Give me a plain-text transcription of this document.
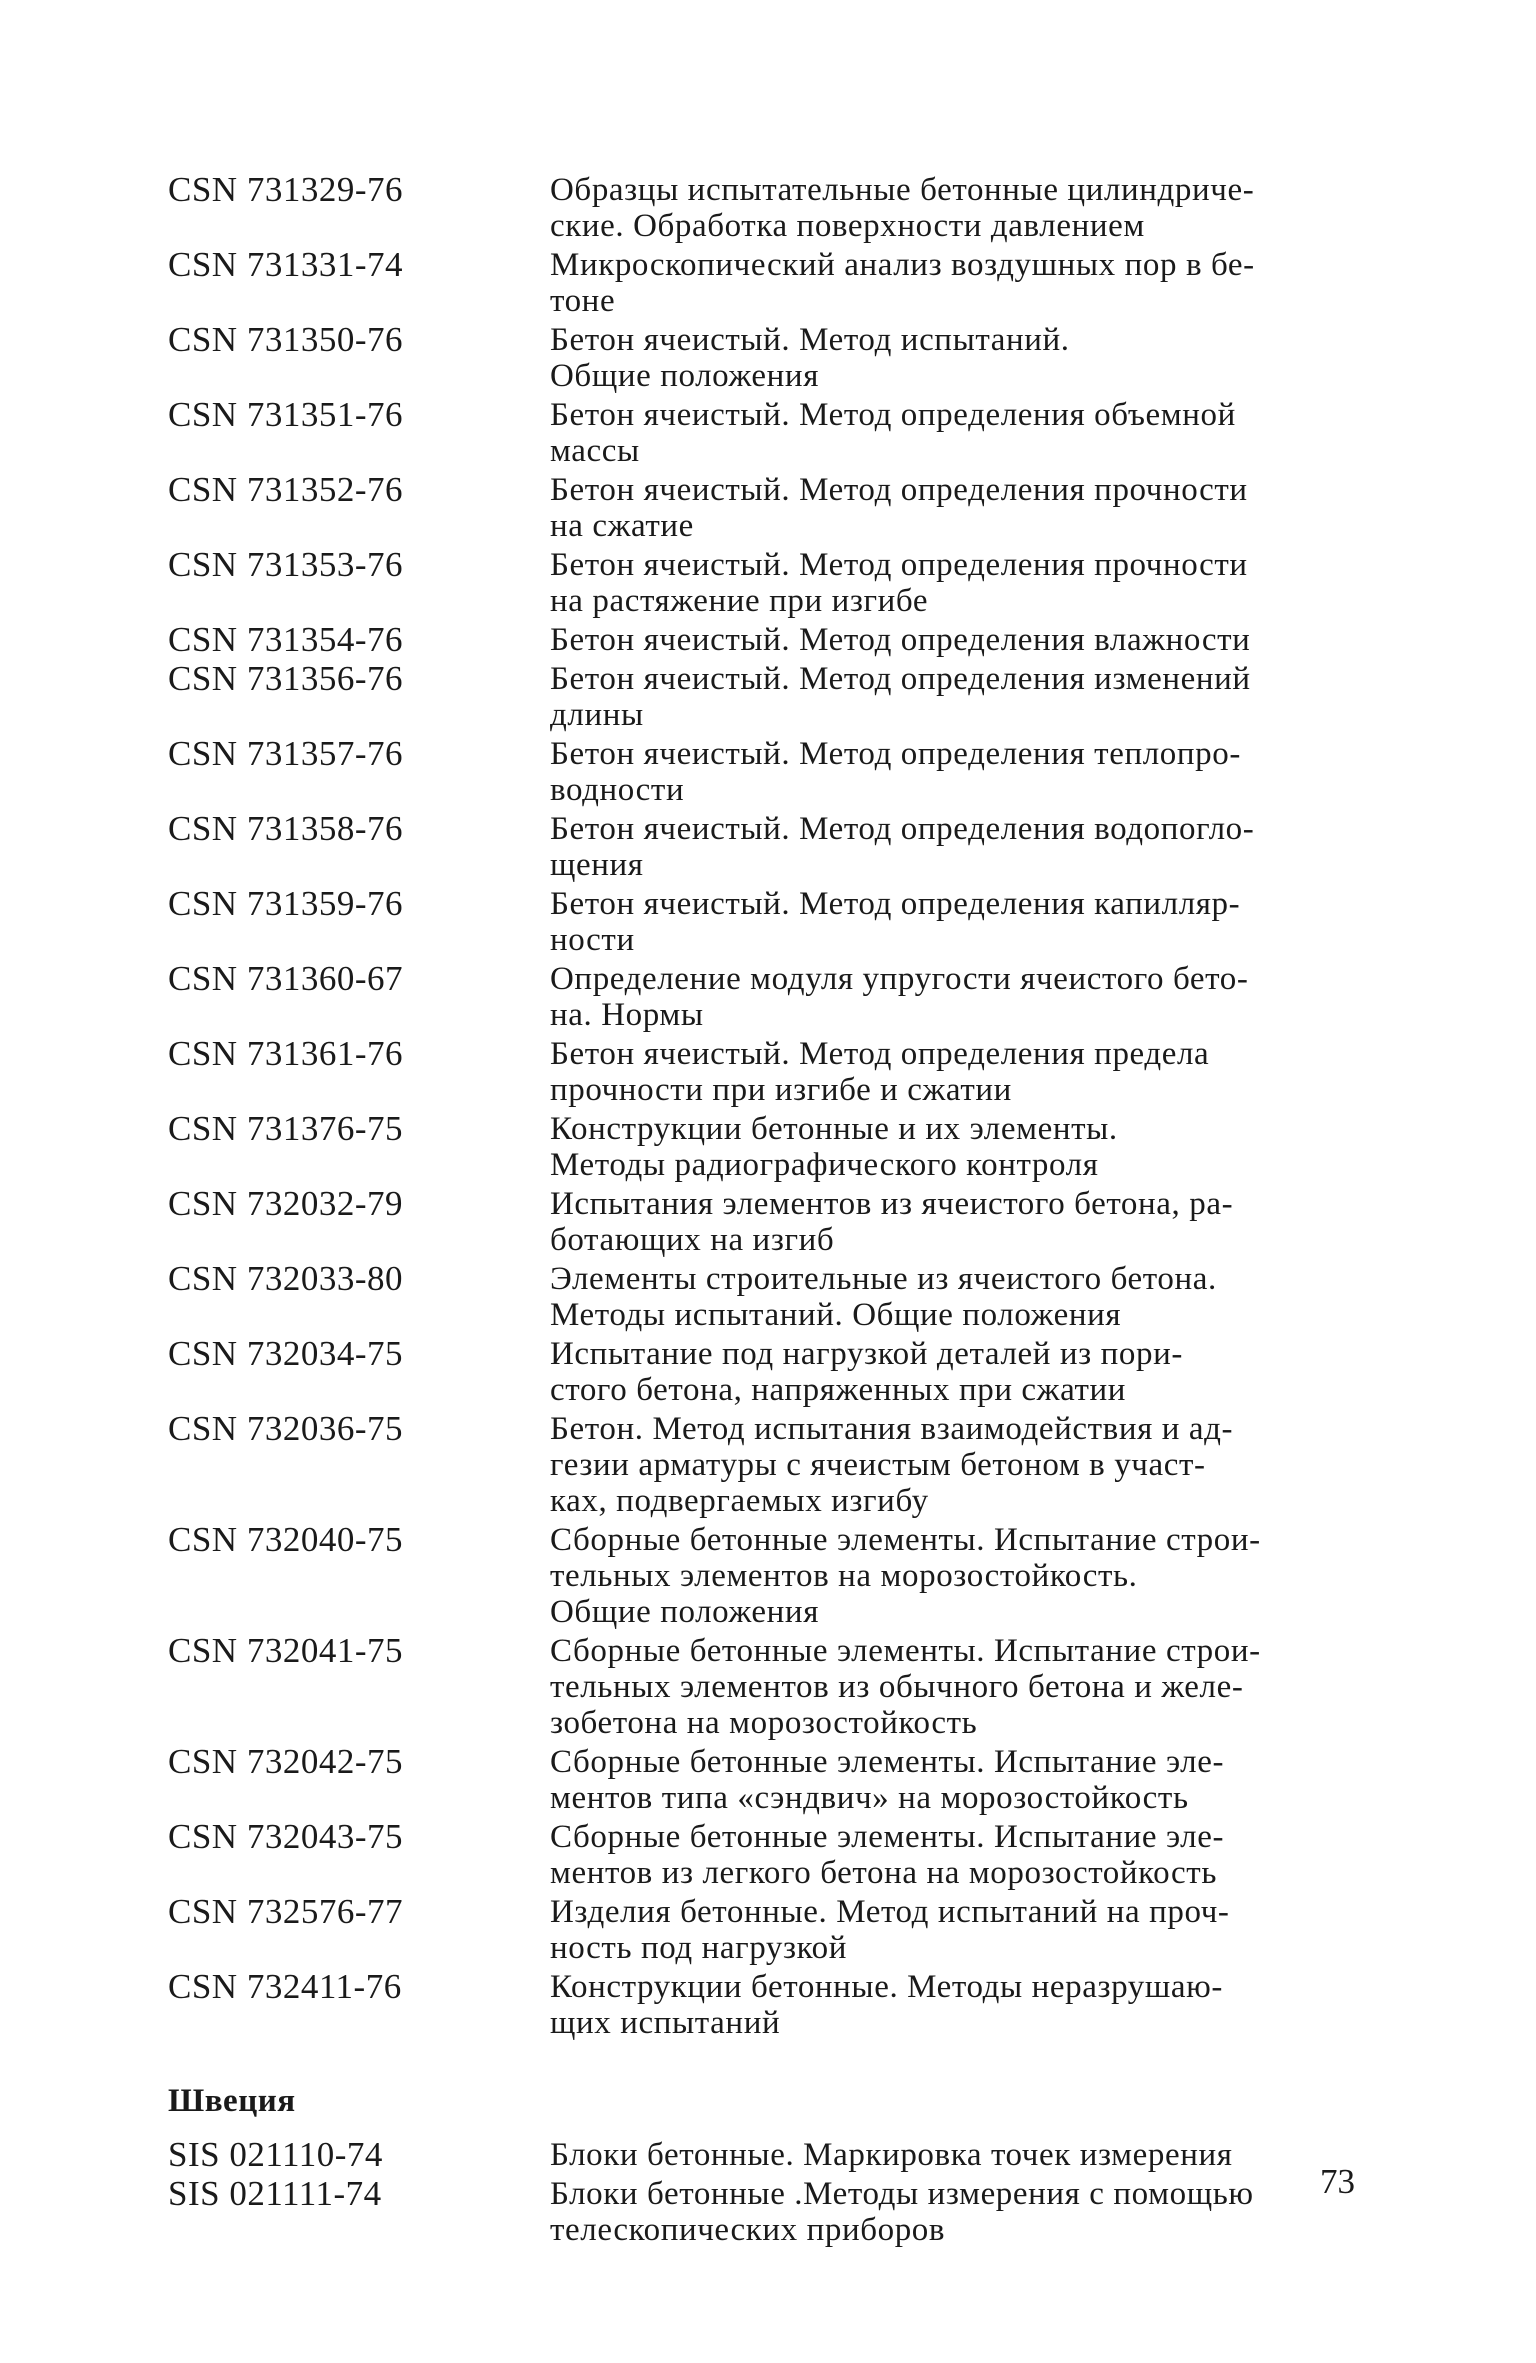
CSN 731329-76	Образцы испытательные бетонные цилиндриче-
ские. Обработка поверхности давлением
CSN 731331-74	Микроскопический анализ воздушных пор в бе-
тоне
CSN 731350-76	Бетон ячеистый. Метод испытаний.
Общие положения
CSN 731351-76	Бетон ячеистый. Метод определения объемной
массы
CSN 731352-76	Бетон ячеистый. Метод определения прочности
на сжатие
CSN 731353-76	Бетон ячеистый. Метод определения прочности
на растяжение при изгибе
CSN 731354-76	Бетон ячеистый. Метод определения влажности
CSN 731356-76	Бетон ячеистый. Метод определения изменений
длины
CSN 731357-76	Бетон ячеистый. Метод определения теплопро-
водности
CSN 731358-76	Бетон ячеистый. Метод определения водопогло-
щения
CSN 731359-76	Бетон ячеистый. Метод определения капилляр-
ности
CSN 731360-67	Определение модуля упругости ячеистого бето-
на. Нормы
CSN 731361-76	Бетон ячеистый. Метод определения предела
прочности при изгибе и сжатии
CSN 731376-75	Конструкции бетонные и их элементы.
Методы радиографического контроля
CSN 732032-79	Испытания элементов из ячеистого бетона, ра-
ботающих на изгиб
CSN 732033-80	Элементы строительные из ячеистого бетона.
Методы испытаний. Общие положения
CSN 732034-75	Испытание под нагрузкой деталей из пори-
стого бетона, напряженных при сжатии
CSN 732036-75	Бетон. Метод испытания взаимодействия и ад-
гезии арматуры с ячеистым бетоном в участ-
ках, подвергаемых изгибу
CSN 732040-75	Сборные бетонные элементы. Испытание строи-
тельных элементов на морозостойкость.
Общие положения
CSN 732041-75	Сборные бетонные элементы. Испытание строи-
тельных элементов из обычного бетона и желе-
зобетона на морозостойкость
CSN 732042-75	Сборные бетонные элементы. Испытание эле-
ментов типа «сэндвич» на морозостойкость
CSN 732043-75	Сборные бетонные элементы. Испытание эле-
ментов из легкого бетона на морозостойкость
CSN 732576-77	Изделия бетонные. Метод испытаний на проч-
ность под нагрузкой
CSN 732411-76	Конструкции бетонные. Методы неразрушаю-
щих испытаний
Швеция
SIS 021110-74	Блоки бетонные. Маркировка точек измерения
SIS 021111-74	Блоки бетонные .Методы измерения с помощью
телескопических приборов
73
